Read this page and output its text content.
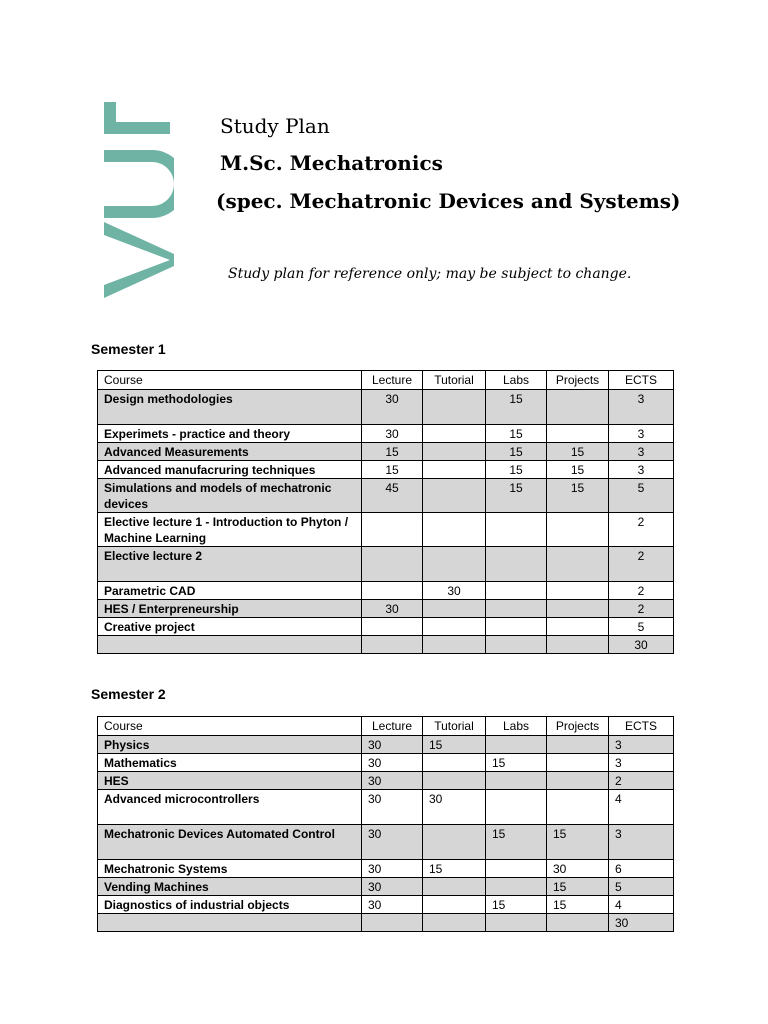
Study Plan
M.Sc. Mechatronics
(spec. Mechatronic Devices and Systems)
Study plan for reference only; may be subject to change.
Semester 1
Course	Lecture	Tutorial	Labs	Projects	ECTS
Design methodologies	30		15		3
Experimets - practice and theory	30		15		3
Advanced Measurements	15		15	15	3
Advanced manufacruring techniques	15		15	15	3
Simulations and models of mechatronic devices	45		15	15	5
Elective lecture 1 - Introduction to Phyton / Machine Learning					2
Elective lecture 2					2
Parametric CAD		30			2
HES / Enterpreneurship	30				2
Creative project					5
					30
Semester 2
Course	Lecture	Tutorial	Labs	Projects	ECTS
Physics	30	15			3
Mathematics	30		15		3
HES	30				2
Advanced microcontrollers	30	30			4
Mechatronic Devices Automated Control	30		15	15	3
Mechatronic Systems	30	15		30	6
Vending Machines	30			15	5
Diagnostics of industrial objects	30		15	15	4
					30
